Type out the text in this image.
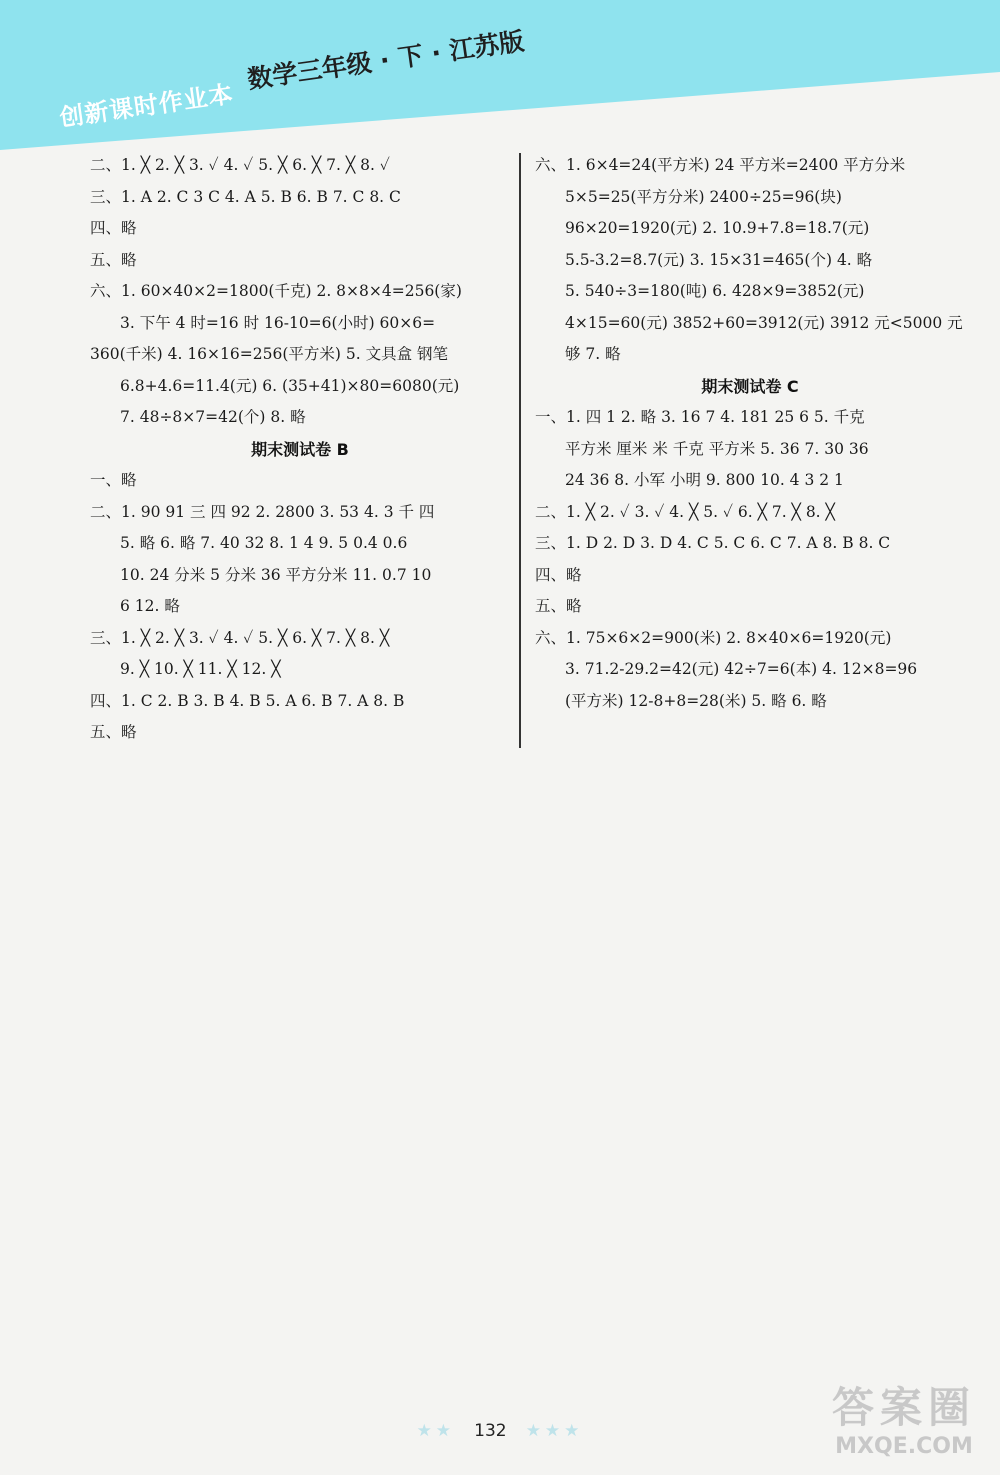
创新课时作业本
数学三年级 · 下 · 江苏版
二、1. ╳ 2. ╳ 3. ✓ 4. ✓ 5. ╳ 6. ╳ 7. ╳ 8. ✓
三、1. A 2. C 3 C 4. A 5. B 6. B 7. C 8. C
四、略
五、略
六、1. 60×40×2=1800(千克) 2. 8×8×4=256(家)
3. 下午 4 时=16 时 16-10=6(小时) 60×6=
360(千米) 4. 16×16=256(平方米) 5. 文具盒 钢笔
6.8+4.6=11.4(元) 6. (35+41)×80=6080(元)
7. 48÷8×7=42(个) 8. 略
期末测试卷 B
一、略
二、1. 90 91 三 四 92 2. 2800 3. 53 4. 3 千 四
5. 略 6. 略 7. 40 32 8. 1 4 9. 5 0.4 0.6
10. 24 分米 5 分米 36 平方分米 11. 0.7 10
6 12. 略
三、1. ╳ 2. ╳ 3. ✓ 4. ✓ 5. ╳ 6. ╳ 7. ╳ 8. ╳
9. ╳ 10. ╳ 11. ╳ 12. ╳
四、1. C 2. B 3. B 4. B 5. A 6. B 7. A 8. B
五、略
六、1. 6×4=24(平方米) 24 平方米=2400 平方分米
5×5=25(平方分米) 2400÷25=96(块)
96×20=1920(元) 2. 10.9+7.8=18.7(元)
5.5-3.2=8.7(元) 3. 15×31=465(个) 4. 略
5. 540÷3=180(吨) 6. 428×9=3852(元)
4×15=60(元) 3852+60=3912(元) 3912 元<5000 元
够 7. 略
期末测试卷 C
一、1. 四 1 2. 略 3. 16 7 4. 181 25 6 5. 千克
平方米 厘米 米 千克 平方米 5. 36 7. 30 36
24 36 8. 小军 小明 9. 800 10. 4 3 2 1
二、1. ╳ 2. ✓ 3. ✓ 4. ╳ 5. ✓ 6. ╳ 7. ╳ 8. ╳
三、1. D 2. D 3. D 4. C 5. C 6. C 7. A 8. B 8. C
四、略
五、略
六、1. 75×6×2=900(米) 2. 8×40×6=1920(元)
3. 71.2-29.2=42(元) 42÷7=6(本) 4. 12×8=96
(平方米) 12-8+8=28(米) 5. 略 6. 略
★★ 132 ★★★	答案圈
MXQE.COM
